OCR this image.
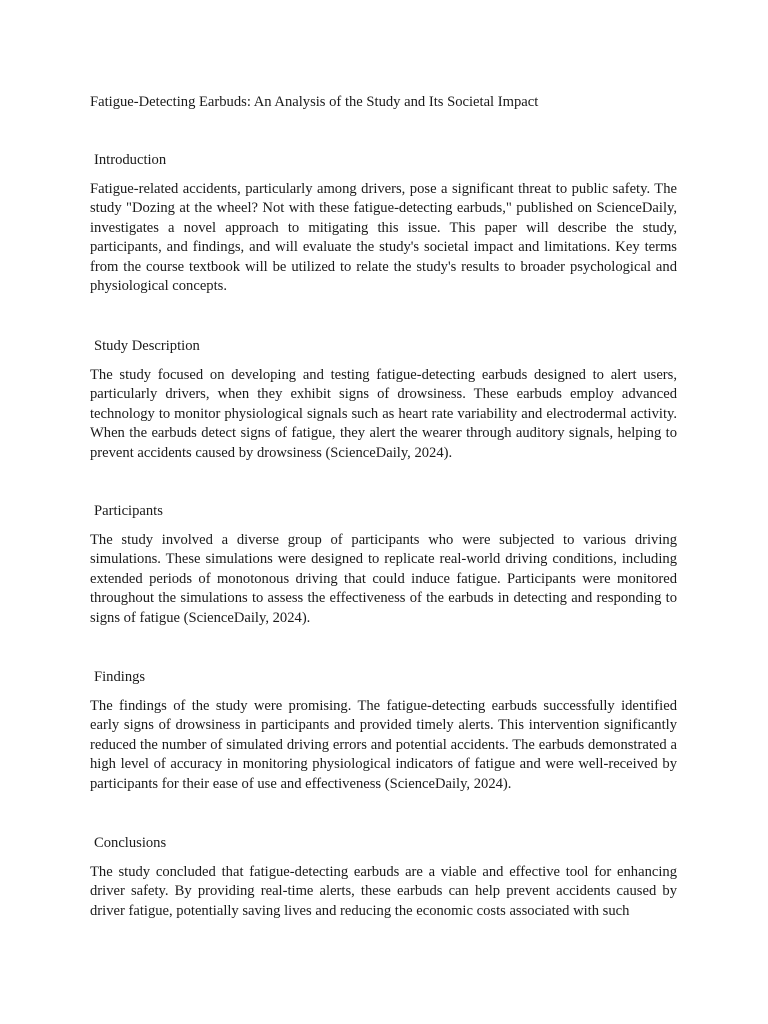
Fatigue-Detecting Earbuds: An Analysis of the Study and Its Societal Impact
Introduction

Fatigue-related accidents, particularly among drivers, pose a significant threat to public safety. The study "Dozing at the wheel? Not with these fatigue-detecting earbuds," published on ScienceDaily, investigates a novel approach to mitigating this issue. This paper will describe the study, participants, and findings, and will evaluate the study's societal impact and limitations. Key terms from the course textbook will be utilized to relate the study's results to broader psychological and physiological concepts.

Study Description

The study focused on developing and testing fatigue-detecting earbuds designed to alert users, particularly drivers, when they exhibit signs of drowsiness. These earbuds employ advanced technology to monitor physiological signals such as heart rate variability and electrodermal activity. When the earbuds detect signs of fatigue, they alert the wearer through auditory signals, helping to prevent accidents caused by drowsiness (ScienceDaily, 2024).

Participants

The study involved a diverse group of participants who were subjected to various driving simulations. These simulations were designed to replicate real-world driving conditions, including extended periods of monotonous driving that could induce fatigue. Participants were monitored throughout the simulations to assess the effectiveness of the earbuds in detecting and responding to signs of fatigue (ScienceDaily, 2024).

Findings

The findings of the study were promising. The fatigue-detecting earbuds successfully identified early signs of drowsiness in participants and provided timely alerts. This intervention significantly reduced the number of simulated driving errors and potential accidents. The earbuds demonstrated a high level of accuracy in monitoring physiological indicators of fatigue and were well-received by participants for their ease of use and effectiveness (ScienceDaily, 2024).

Conclusions

The study concluded that fatigue-detecting earbuds are a viable and effective tool for enhancing driver safety. By providing real-time alerts, these earbuds can help prevent accidents caused by driver fatigue, potentially saving lives and reducing the economic costs associated with such
